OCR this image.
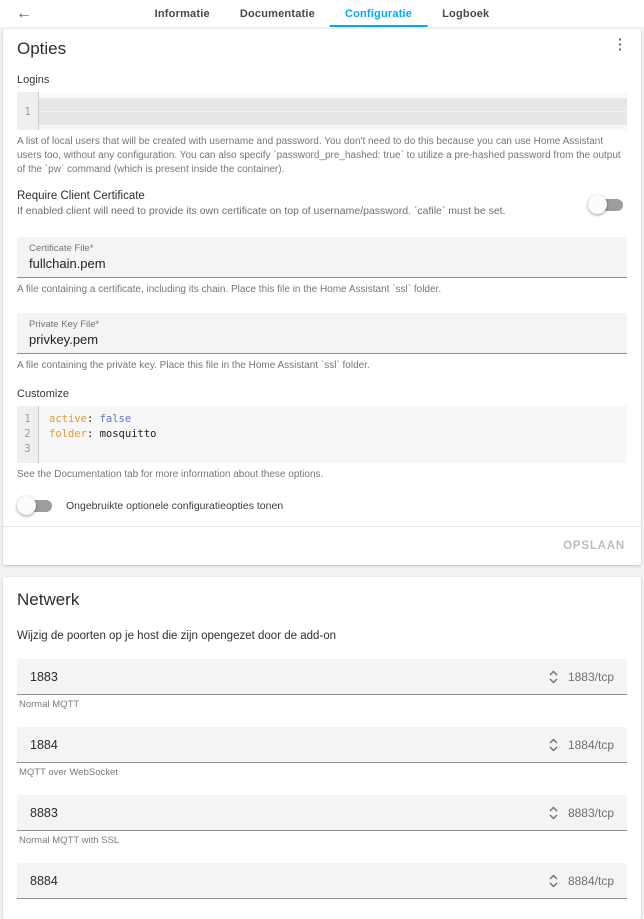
←	Informatie	Documentatie	Configuratie	Logboek
Opties	⋮
Logins
1
A list of local users that will be created with username and password. You don't need to do this because you can use Home Assistant users too, without any configuration. You can also specify `password_pre_hashed: true` to utilize a pre-hashed password from the output of the `pw` command (which is present inside the container).
Require Client Certificate
If enabled client will need to provide its own certificate on top of username/password. `cafile` must be set.
Certificate File*
fullchain.pem
A file containing a certificate, including its chain. Place this file in the Home Assistant `ssl` folder.
Private Key File*
privkey.pem
A file containing the private key. Place this file in the Home Assistant `ssl` folder.
Customize
1
2
3
active: false
folder: mosquitto
See the Documentation tab for more information about these options.
Ongebruikte optionele configuratieopties tonen
OPSLAAN
Netwerk
Wijzig de poorten op je host die zijn opengezet door de add-on
1883	1883/tcp
Normal MQTT
1884	1884/tcp
MQTT over WebSocket
8883	8883/tcp
Normal MQTT with SSL
8884	8884/tcp
